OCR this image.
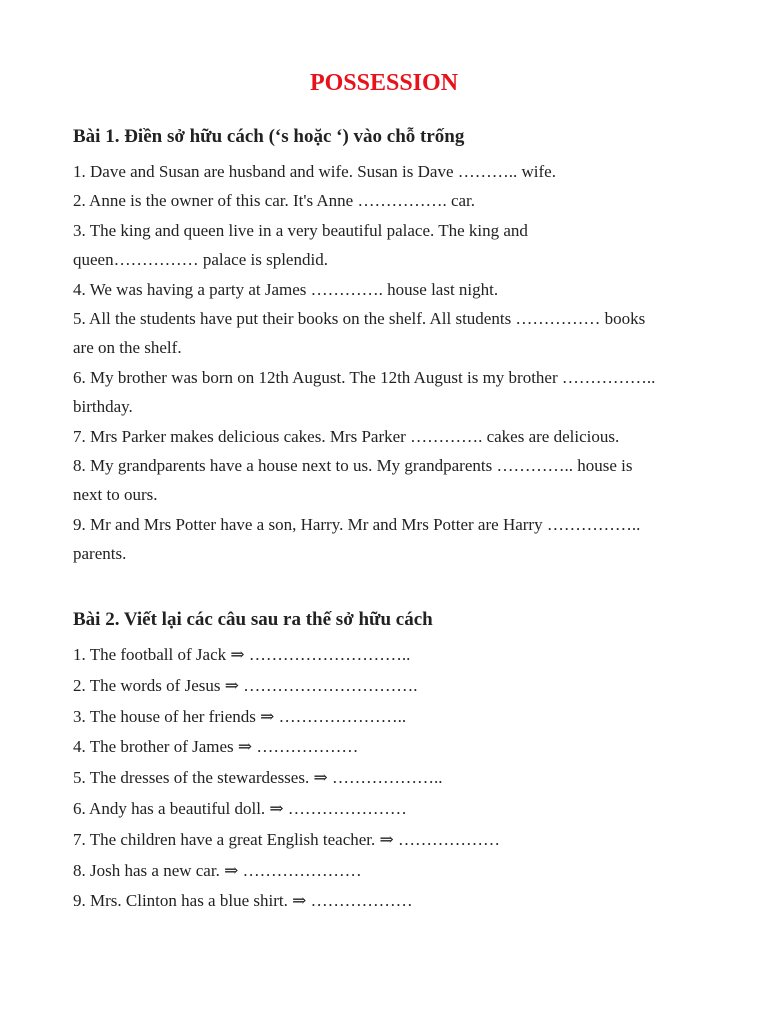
POSSESSION
Bài 1. Điền sở hữu cách (‘s hoặc ‘) vào chỗ trống
1. Dave and Susan are husband and wife. Susan is Dave ……….. wife.
2. Anne is the owner of this car. It's Anne ……………. car.
3. The king and queen live in a very beautiful palace. The king and
queen…………… palace is splendid.
4. We was having a party at James …………. house last night.
5. All the students have put their books on the shelf. All students …………… books
are on the shelf.
6. My brother was born on 12th August. The 12th August is my brother ……………..
birthday.
7. Mrs Parker makes delicious cakes. Mrs Parker …………. cakes are delicious.
8. My grandparents have a house next to us. My grandparents ………….. house is
next to ours.
9. Mr and Mrs Potter have a son, Harry. Mr and Mrs Potter are Harry ……………..
parents.
Bài 2. Viết lại các câu sau ra thế sở hữu cách
1. The football of Jack ⇒ ………………………..
2. The words of Jesus ⇒ ………………………….
3. The house of her friends ⇒ …………………..
4. The brother of James ⇒ ………………
5. The dresses of the stewardesses. ⇒ ………………..
6. Andy has a beautiful doll. ⇒ …………………
7. The children have a great English teacher. ⇒ ………………
8. Josh has a new car. ⇒ …………………
9. Mrs. Clinton has a blue shirt. ⇒ ………………
